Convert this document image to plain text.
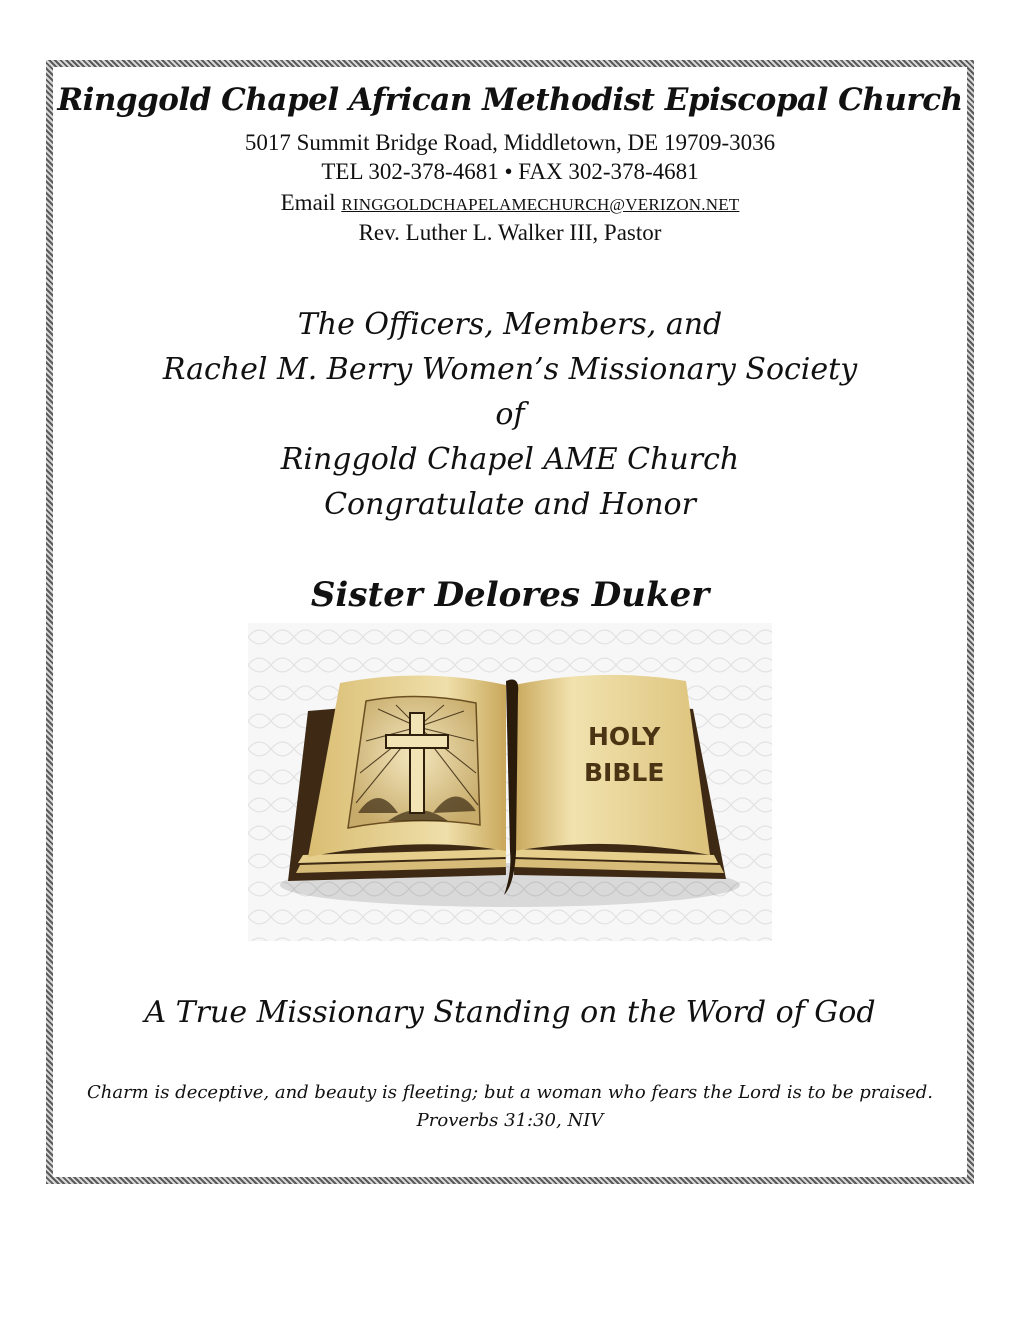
Ringgold Chapel African Methodist Episcopal Church
5017 Summit Bridge Road, Middletown, DE 19709-3036
TEL 302-378-4681 • FAX 302-378-4681
Email RINGGOLDCHAPELAMECHURCH@VERIZON.NET
Rev. Luther L. Walker III, Pastor
The Officers, Members, and
Rachel M. Berry Women’s Missionary Society
of
Ringgold Chapel AME Church
Congratulate and Honor
Sister Delores Duker
HOLY
BIBLE
A True Missionary Standing on the Word of God
Charm is deceptive, and beauty is fleeting; but a woman who fears the Lord is to be praised.
Proverbs 31:30, NIV
